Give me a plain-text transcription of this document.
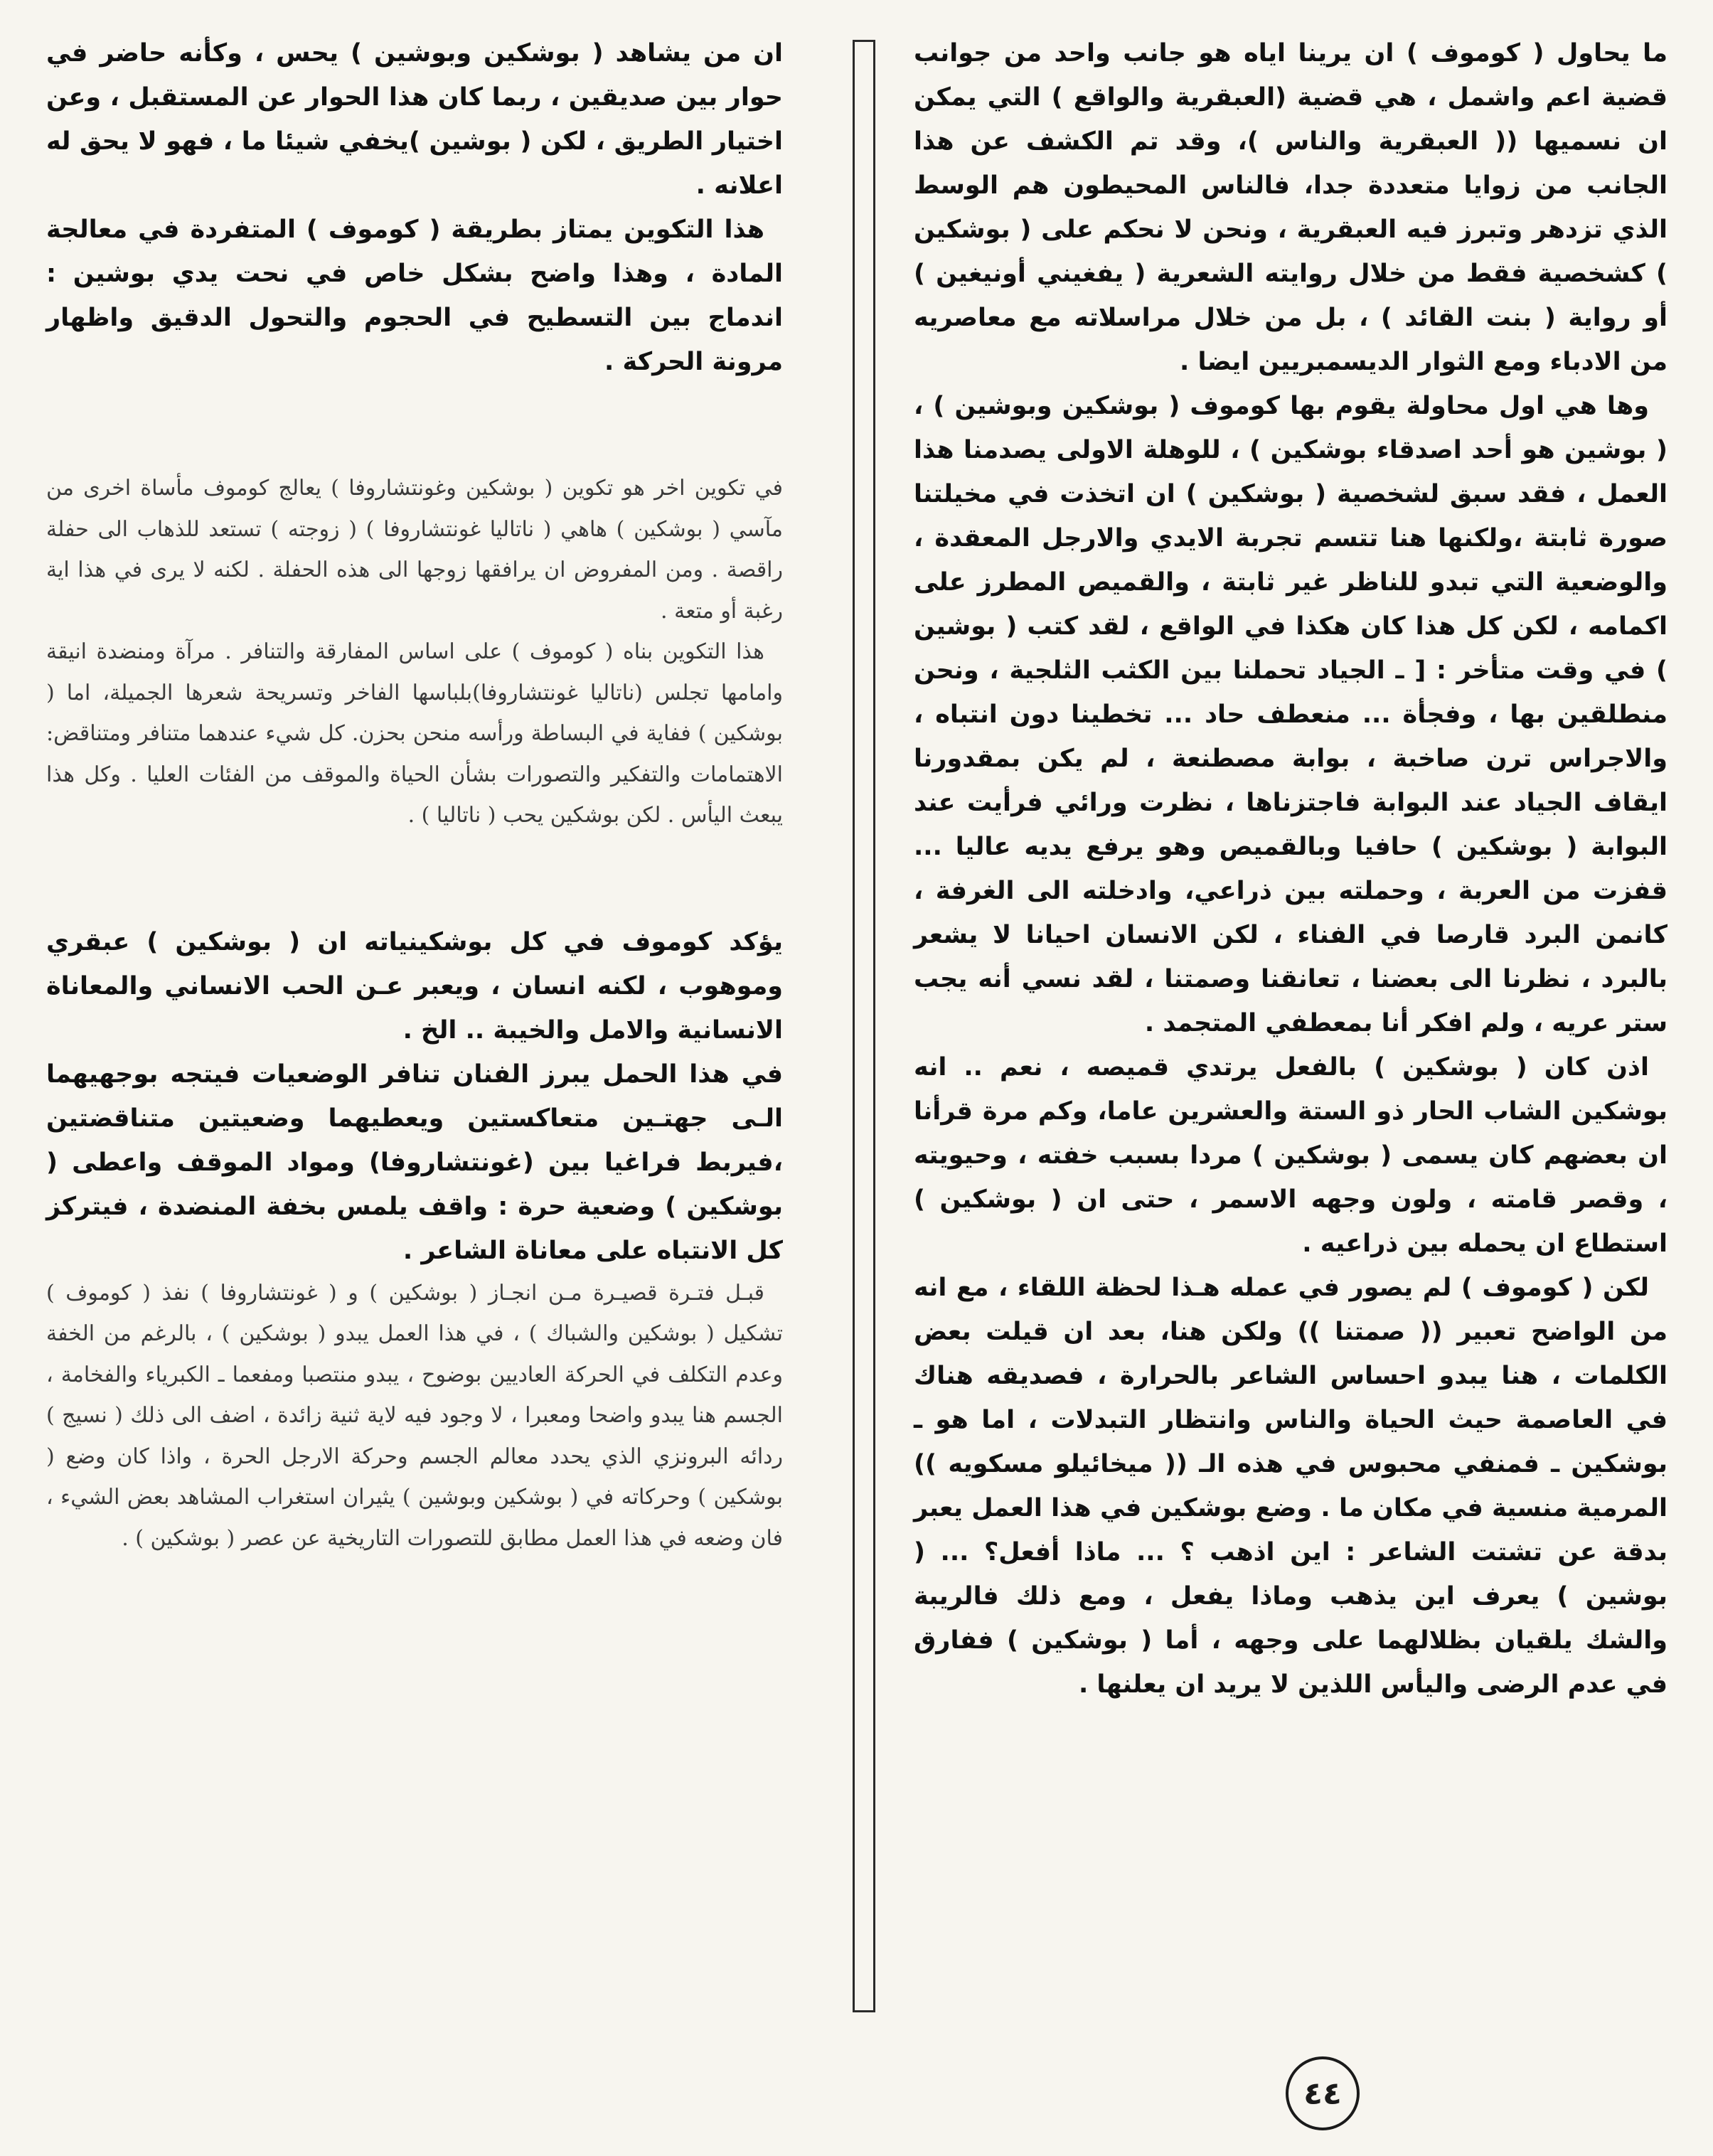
ما يحاول ( كوموف ) ان يرينا اياه هو جانب واحد من جوانب قضية اعم واشمل ، هي قضية (العبقرية والواقع ) التي يمكن ان نسميها (( العبقرية والناس )، وقد تم الكشف عن هذا الجانب من زوايا متعددة جدا، فالناس المحيطون هم الوسط الذي تزدهر وتبرز فيه العبقرية ، ونحن لا نحكم على ( بوشكين ) كشخصية فقط من خلال روايته الشعرية ( يفغيني أونيغين ) أو رواية ( بنت القائد ) ، بل من خلال مراسلاته مع معاصريه من الادباء ومع الثوار الديسمبريين ايضا .

وها هي اول محاولة يقوم بها كوموف ( بوشكين وبوشين ) ، ( بوشين هو أحد اصدقاء بوشكين ) ، للوهلة الاولى يصدمنا هذا العمل ، فقد سبق لشخصية ( بوشكين ) ان اتخذت في مخيلتنا صورة ثابتة ،ولكنها هنا تتسم تجربة الايدي والارجل المعقدة ، والوضعية التي تبدو للناظر غير ثابتة ، والقميص المطرز على اكمامه ، لكن كل هذا كان هكذا في الواقع ، لقد كتب ( بوشين ) في وقت متأخر : [ ـ الجياد تحملنا بين الكثب الثلجية ، ونحن منطلقين بها ، وفجأة ... منعطف حاد ... تخطينا دون انتباه ، والاجراس ترن صاخبة ، بوابة مصطنعة ، لم يكن بمقدورنا ايقاف الجياد عند البوابة فاجتزناها ، نظرت ورائي فرأيت عند البوابة ( بوشكين ) حافيا وبالقميص وهو يرفع يديه عاليا ... قفزت من العربة ، وحملته بين ذراعي، وادخلته الى الغرفة ، كانمن البرد قارصا في الفناء ، لكن الانسان احيانا لا يشعر بالبرد ، نظرنا الى بعضنا ، تعانقنا وصمتنا ، لقد نسي أنه يجب ستر عريه ، ولم افكر أنا بمعطفي المتجمد .

اذن كان ( بوشكين ) بالفعل يرتدي قميصه ، نعم .. انه بوشكين الشاب الحار ذو الستة والعشرين عاما، وكم مرة قرأنا ان بعضهم كان يسمى ( بوشكين ) مردا بسبب خفته ، وحيويته ، وقصر قامته ، ولون وجهه الاسمر ، حتى ان ( بوشكين ) استطاع ان يحمله بين ذراعيه .

لكن ( كوموف ) لم يصور في عمله هـذا لحظة اللقاء ، مع انه من الواضح تعبير (( صمتنا )) ولكن هنا، بعد ان قيلت بعض الكلمات ، هنا يبدو احساس الشاعر بالحرارة ، فصديقه هناك في العاصمة حيث الحياة والناس وانتظار التبدلات ، اما هو ـ بوشكين ـ فمنفي محبوس في هذه الـ (( ميخائيلو مسكويه )) المرمية منسية في مكان ما . وضع بوشكين في هذا العمل يعبر بدقة عن تشتت الشاعر : اين اذهب ؟ ... ماذا أفعل؟ ... ( بوشين ) يعرف اين يذهب وماذا يفعل ، ومع ذلك فالريبة والشك يلقيان بظلالهما على وجهه ، أما ( بوشكين ) ففارق في عدم الرضى واليأس اللذين لا يريد ان يعلنها .

ان من يشاهد ( بوشكين وبوشين ) يحس ، وكأنه حاضر في حوار بين صديقين ، ربما كان هذا الحوار عن المستقبل ، وعن اختيار الطريق ، لكن ( بوشين )يخفي شيئا ما ، فهو لا يحق له اعلانه .

هذا التكوين يمتاز بطريقة ( كوموف ) المتفردة في معالجة المادة ، وهذا واضح بشكل خاص في نحت يدي بوشين : اندماج بين التسطيح في الحجوم والتحول الدقيق واظهار مرونة الحركة .

في تكوين اخر هو تكوين ( بوشكين وغونتشاروفا ) يعالج كوموف مأساة اخرى من مآسي ( بوشكين ) هاهي ( ناتاليا غونتشاروفا ) ( زوجته ) تستعد للذهاب الى حفلة راقصة . ومن المفروض ان يرافقها زوجها الى هذه الحفلة . لكنه لا يرى في هذا اية رغبة أو متعة .

هذا التكوين بناه ( كوموف ) على اساس المفارقة والتنافر . مرآة ومنضدة انيقة وامامها تجلس (ناتاليا غونتشاروفا)بلباسها الفاخر وتسريحة شعرها الجميلة، اما ( بوشكين ) ففاية في البساطة ورأسه منحن بحزن. كل شيء عندهما متنافر ومتناقض: الاهتمامات والتفكير والتصورات بشأن الحياة والموقف من الفئات العليا . وكل هذا يبعث اليأس . لكن بوشكين يحب ( ناتاليا ) .

يؤكد كوموف في كل بوشكينياته ان ( بوشكين ) عبقري وموهوب ، لكنه انسان ، ويعبر عـن الحب الانساني والمعاناة الانسانية والامل والخيبة .. الخ .

في هذا الحمل يبرز الفنان تنافر الوضعيات فيتجه بوجهيهما الـى جهتـين متعاكستين ويعطيهما وضعيتين متناقضتين ،فيربط فراغيا بين (غونتشاروفا) ومواد الموقف واعطى ( بوشكين ) وضعية حرة : واقف يلمس بخفة المنضدة ، فيتركز كل الانتباه على معاناة الشاعر .

قبـل فتـرة قصيـرة مـن انجـاز ( بوشكين ) و ( غونتشاروفا ) نفذ ( كوموف ) تشكيل ( بوشكين والشباك ) ، في هذا العمل يبدو ( بوشكين ) ، بالرغم من الخفة وعدم التكلف في الحركة العاديين بوضوح ، يبدو منتصبا ومفعما ـ الكبرياء والفخامة ، الجسم هنا يبدو واضحا ومعبرا ، لا وجود فيه لاية ثنية زائدة ، اضف الى ذلك ( نسيج ) ردائه البرونزي الذي يحدد معالم الجسم وحركة الارجل الحرة ، واذا كان وضع ( بوشكين ) وحركاته في ( بوشكين وبوشين ) يثيران استغراب المشاهد بعض الشيء ، فان وضعه في هذا العمل مطابق للتصورات التاريخية عن عصر ( بوشكين ) .

٤٤
